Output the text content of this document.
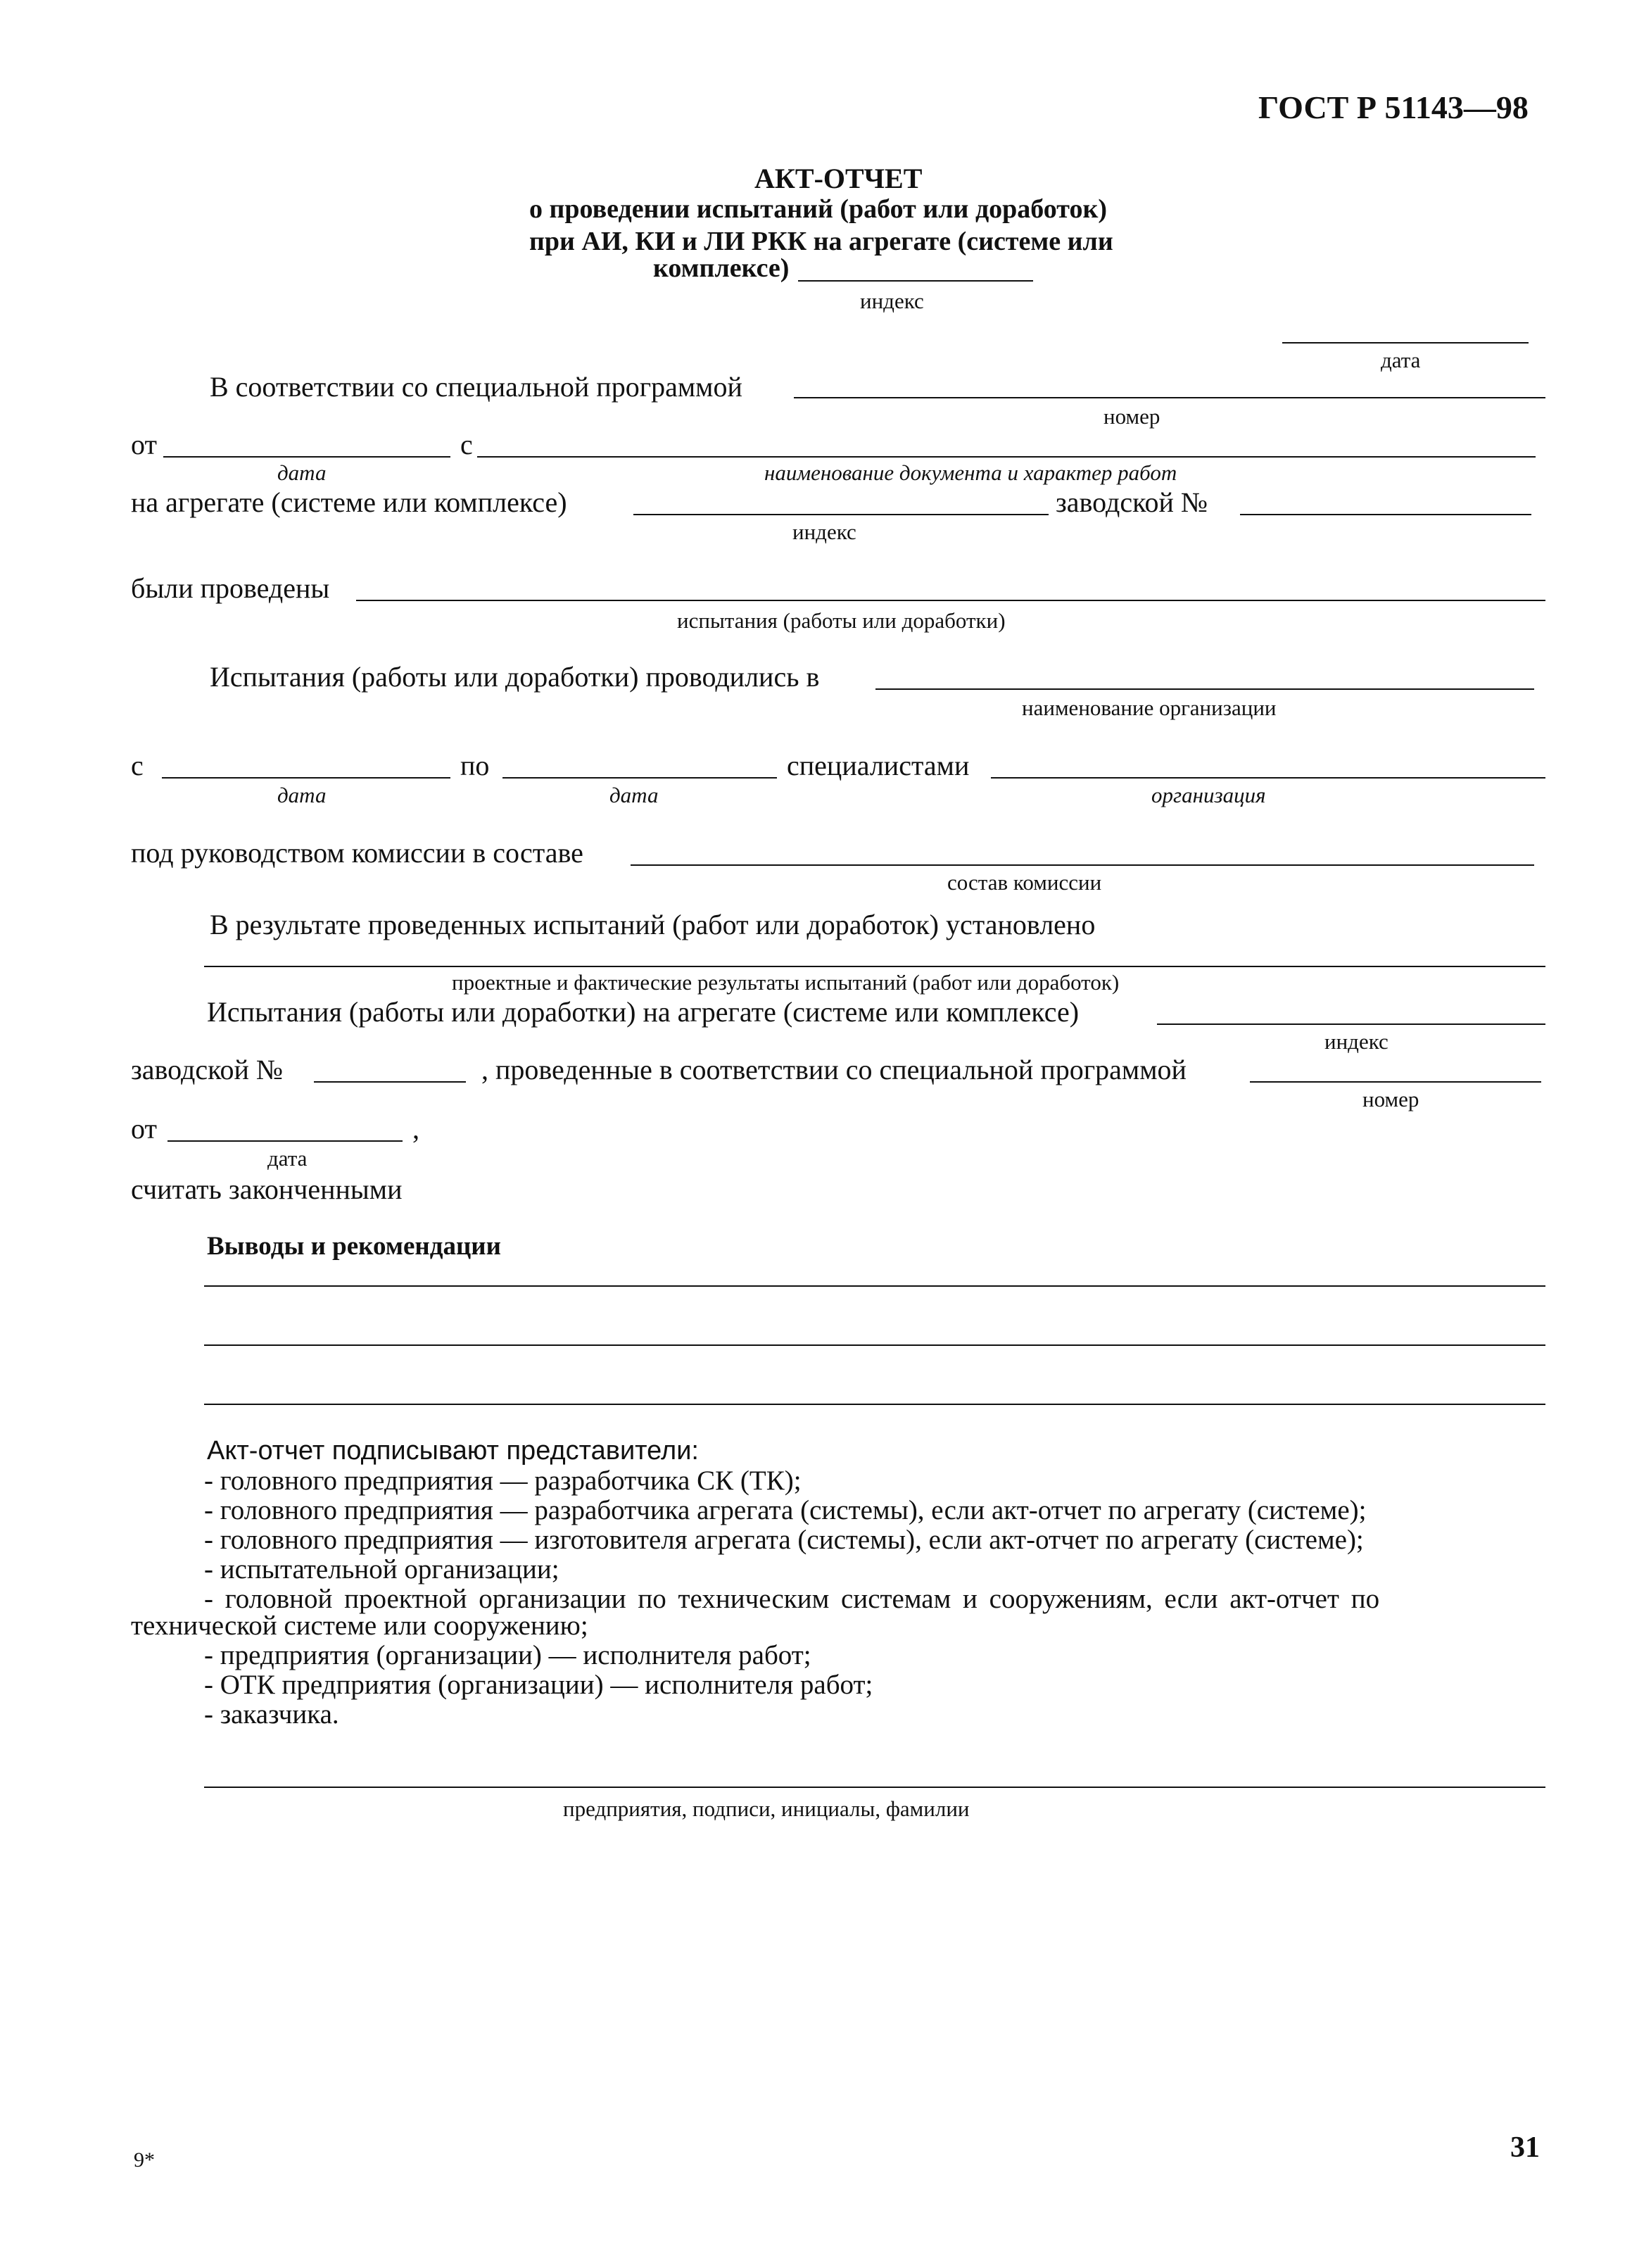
ГОСТ Р 51143—98
АКТ-ОТЧЕТ
о проведении испытаний (работ или доработок)
при АИ, КИ и ЛИ РКК на агрегате (системе или
комплексе)
индекс
дата
В соответствии со специальной программой
номер
от	с
дата	наименование документа и характер работ
на агрегате (системе или комплексе)	заводской №
индекс
были проведены
испытания (работы или доработки)
Испытания (работы или доработки) проводились в
наименование организации
с	по	специалистами
дата	дата	организация
под руководством комиссии в составе
состав комиссии
В результате проведенных испытаний (работ или доработок) установлено
проектные и фактические результаты испытаний (работ или доработок)
Испытания (работы или доработки) на агрегате (системе или комплексе)
индекс
заводской №	, проведенные в соответствии со специальной программой
номер
от	,
дата
считать законченными
Выводы и рекомендации
Акт-отчет подписывают представители:
- головного предприятия — разработчика СК (ТК);
- головного предприятия — разработчика агрегата (системы), если акт-отчет по агрегату (системе);
- головного предприятия — изготовителя агрегата (системы), если акт-отчет по агрегату (системе);
- испытательной организации;
- головной проектной организации по техническим системам и сооружениям, если акт-отчет по
технической системе или сооружению;
- предприятия (организации) — исполнителя работ;
- ОТК предприятия (организации) — исполнителя работ;
- заказчика.
предприятия, подписи, инициалы, фамилии
9*	31
